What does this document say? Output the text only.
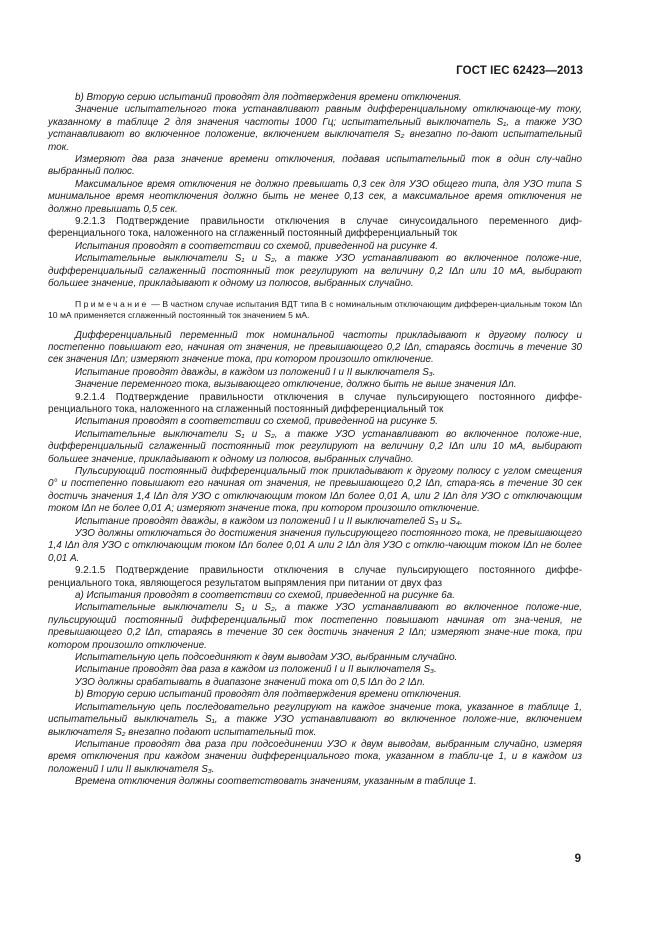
ГОСТ IEC 62423—2013

b) Вторую серию испытаний проводят для подтверждения времени отключения.

Значение испытательного тока устанавливают равным дифференциальному отключающе-му току, указанному в таблице 2 для значения частоты 1000 Гц; испытательный выключатель S₁, а также УЗО устанавливают во включенное положение, включением выключателя S₂ внезапно по-дают испытательный ток.

Измеряют два раза значение времени отключения, подавая испытательный ток в один слу-чайно выбранный полюс.

Максимальное время отключения не должно превышать 0,3 сек для УЗО общего типа, для УЗО типа S минимальное время неотключения должно быть не менее 0,13 сек, а максимальное время отключения не должно превышать 0,5 сек.

9.2.1.3 Подтверждение правильности отключения в случае синусоидального переменного диф-ференциального тока, наложенного на сглаженный постоянный дифференциальный ток

Испытания проводят в соответствии со схемой, приведенной на рисунке 4.

Испытательные выключатели S₁ и S₂, а также УЗО устанавливают во включенное положе-ние, дифференциальный сглаженный постоянный ток регулируют на величину 0,2 IΔn или 10 мА, выбирают большее значение, прикладывают к одному из полюсов, выбранных случайно.

Примечание — В частном случае испытания ВДТ типа В с номинальным отключающим дифферен-циальным током IΔn 10 мА применяется сглаженный постоянный ток значением 5 мА.

Дифференциальный переменный ток номинальной частоты прикладывают к другому полюсу и постепенно повышают его, начиная от значения, не превышающего 0,2 IΔn, стараясь достичь в течение 30 сек значения IΔn; измеряют значение тока, при котором произошло отключение.

Испытание проводят дважды, в каждом из положений I и II выключателя S₃.

Значение переменного тока, вызывающего отключение, должно быть не выше значения IΔn.

9.2.1.4 Подтверждение правильности отключения в случае пульсирующего постоянного диффе-ренциального тока, наложенного на сглаженный постоянный дифференциальный ток

Испытания проводят в соответствии со схемой, приведенной на рисунке 5.

Испытательные выключатели S₁ и S₂, а также УЗО устанавливают во включенное положе-ние, дифференциальный сглаженный постоянный ток регулируют на величину 0,2 IΔn или 10 мА, выбирают большее значение, прикладывают к одному из полюсов, выбранных случайно.

Пульсирующий постоянный дифференциальный ток прикладывают к другому полюсу с углом смещения 0° и постепенно повышают его начиная от значения, не превышающего 0,2 IΔn, стара-ясь в течение 30 сек достичь значения 1,4 IΔn для УЗО с отключающим током IΔn более 0,01 А, или 2 IΔn для УЗО с отключающим током IΔn не более 0,01 А; измеряют значение тока, при котором произошло отключение.

Испытание проводят дважды, в каждом из положений I и II выключателей S₃ и S₄.

УЗО должны отключаться до достижения значения пульсирующего постоянного тока, не превышающего 1,4 IΔn для УЗО с отключающим током IΔn более 0,01 А или 2 IΔn для УЗО с отклю-чающим током IΔn не более 0,01 А.

9.2.1.5 Подтверждение правильности отключения в случае пульсирующего постоянного диффе-ренциального тока, являющегося результатом выпрямления при питании от двух фаз

а) Испытания проводят в соответствии со схемой, приведенной на рисунке 6а.

Испытательные выключатели S₁ и S₂, а также УЗО устанавливают во включенное положе-ние, пульсирующий постоянный дифференциальный ток постепенно повышают начиная от зна-чения, не превышающего 0,2 IΔn, стараясь в течение 30 сек достичь значения 2 IΔn; измеряют значе-ние тока, при котором произошло отключение.

Испытательную цепь подсоединяют к двум выводам УЗО, выбранным случайно.

Испытание проводят два раза в каждом из положений I и II выключателя S₃.

УЗО должны срабатывать в диапазоне значений тока от 0,5 IΔn до 2 IΔn.

b) Вторую серию испытаний проводят для подтверждения времени отключения.

Испытательную цепь последовательно регулируют на каждое значение тока, указанное в таблице 1, испытательный выключатель S₁, а также УЗО устанавливают во включенное положе-ние, включением выключателя S₂ внезапно подают испытательный ток.

Испытание проводят два раза при подсоединении УЗО к двум выводам, выбранным случайно, измеряя время отключения при каждом значении дифференциального тока, указанном в табли-це 1, и в каждом из положений I или II выключателя S₃.

Времена отключения должны соответствовать значениям, указанным в таблице 1.

9
